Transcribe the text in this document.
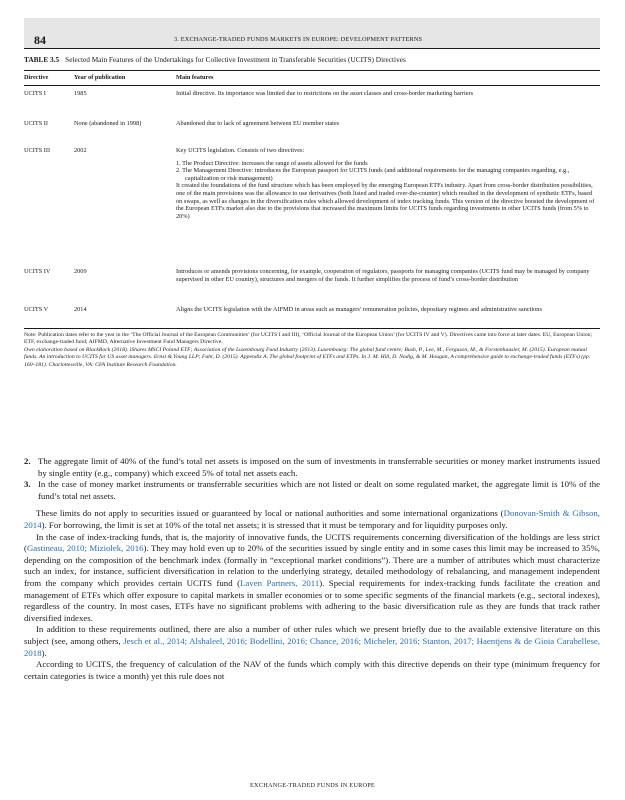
84	3. EXCHANGE-TRADED FUNDS MARKETS IN EUROPE: DEVELOPMENT PATTERNS
TABLE 3.5 Selected Main Features of the Undertakings for Collective Investment in Transferable Securities (UCITS) Directives
Directive	Year of publication	Main features
UCITS I	1985	Initial directive. Its importance was limited due to restrictions on the asset classes and cross-border marketing barriers
UCITS II	None (abandoned in 1998)	Abandoned due to lack of agreement between EU member states
UCITS III	2002	Key UCITS legislation. Consists of two directives:
1. The Product Directive: increases the range of assets allowed for the funds
2. The Management Directive: introduces the European passport for UCITS funds (and additional requirements for the managing companies regarding, e.g., capitalization or risk management)
It created the foundations of the fund structure which has been employed by the emerging European ETFs industry. Apart from cross-border distribution possibilities, one of the main provisions was the allowance to use derivatives (both listed and traded over-the-counter) which resulted in the development of synthetic ETFs, based on swaps, as well as changes in the diversification rules which allowed development of index tracking funds. This version of the directive boosted the development of the European ETFs market also due to the provisions that increased the maximum limits for UCITS funds regarding investments in other UCITS funds (from 5% to 20%)
UCITS IV	2009	Introduces or amends provisions concerning, for example, cooperation of regulators, passports for managing companies (UCITS fund may be managed by company supervised in other EU country), structures and mergers of the funds. It further simplifies the process of fund’s cross-border distribution
UCITS V	2014	Aligns the UCITS legislation with the AIFMD in areas such as managers’ remuneration policies, depositary regimes and administrative sanctions

Note: Publication dates refer to the year in the ‘The Official Journal of the European Communities’ (for UCITS I and III), ‘Official Journal of the European Union’ (for UCITS IV and V). Directives came into force at later dates. EU, European Union; ETF, exchange-traded fund; AIFMD, Alternative Investment Fund Managers Directive.

Own elaboration based on BlackRock (2018). iShares MSCI Poland ETF; Association of the Luxembourg Fund Industry (2013). Luxembourg: The global fund centre; Bush, P., Lee, M., Ferguson, M., & Forstenhausler, M. (2015). European mutual funds. An introduction to UCITS for US asset managers. Ernst & Young LLP; Fuhr, D. (2015). Appendix A. The global footprint of ETFs and ETPs. In J. M. Hill, D. Nadig, & M. Hougan, A comprehensive guide to exchange-traded funds (ETFs) (pp. 160–181). Charlottesville, VA: CFA Institute Research Foundation.

2. The aggregate limit of 40% of the fund’s total net assets is imposed on the sum of investments in transferrable securities or money market instruments issued by single entity (e.g., company) which exceed 5% of total net assets each.
3. In the case of money market instruments or transferrable securities which are not listed or dealt on some regulated market, the aggregate limit is 10% of the fund’s total net assets.

These limits do not apply to securities issued or guaranteed by local or national authorities and some international organizations (Donovan-Smith & Gibson, 2014). For borrowing, the limit is set at 10% of the total net assets; it is stressed that it must be temporary and for liquidity purposes only.

In the case of index-tracking funds, that is, the majority of innovative funds, the UCITS requirements concerning diversification of the holdings are less strict (Gastineau, 2010; Miziołek, 2016). They may hold even up to 20% of the securities issued by single entity and in some cases this limit may be increased to 35%, depending on the composition of the benchmark index (formally in “exceptional market conditions”). There are a number of attributes which must characterize such an index, for instance, sufficient diversification in relation to the underlying strategy, detailed methodology of rebalancing, and management independent from the company which provides certain UCITS fund (Laven Partners, 2011). Special requirements for index-tracking funds facilitate the creation and management of ETFs which offer exposure to capital markets in smaller economies or to some specific segments of the financial markets (e.g., sectoral indexes), regardless of the country. In most cases, ETFs have no significant problems with adhering to the basic diversification rule as they are funds that track rather diversified indexes.

In addition to these requirements outlined, there are also a number of other rules which we present briefly due to the available extensive literature on this subject (see, among others, Jesch et al., 2014; Alshaleel, 2016; Bodellini, 2016; Chance, 2016; Micheler, 2016; Stanton, 2017; Haentjens & de Gioia Carabellese, 2018).

According to UCITS, the frequency of calculation of the NAV of the funds which comply with this directive depends on their type (minimum frequency for certain categories is twice a month) yet this rule does not

EXCHANGE-TRADED FUNDS IN EUROPE
